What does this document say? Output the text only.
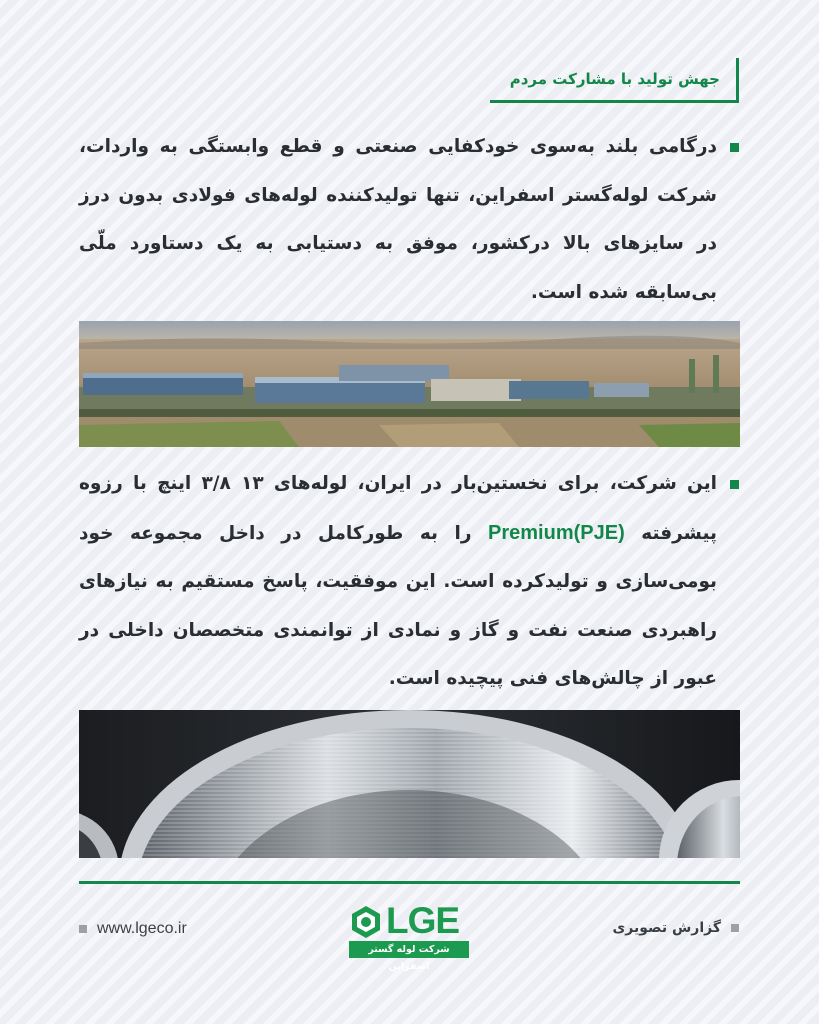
جهش تولید با مشارکت مردم
درگامی بلند به‌سوی خودکفایی صنعتی و قطع وابستگی به واردات، شرکت لوله‌گستر اسفراین، تنها تولیدکننده لوله‌های فولادی بدون درز در سایزهای بالا درکشور، موفق به دستیابی به یک دستاورد ملّی بی‌سابقه شده است.
این شرکت، برای نخستین‌بار در ایران، لوله‌های ۱۳ ۳/۸ اینچ با رزوه پیشرفته Premium(PJE) را به طورکامل در داخل مجموعه خود بومی‌سازی و تولیدکرده است. این موفقیت، پاسخ مستقیم به نیازهای راهبردی صنعت نفت و گاز و نمادی از توانمندی متخصصان داخلی در عبور از چالش‌های فنی پیچیده است.
www.lgeco.ir	LGE
شرکت لوله گستر اسفراین
گزارش تصویری
